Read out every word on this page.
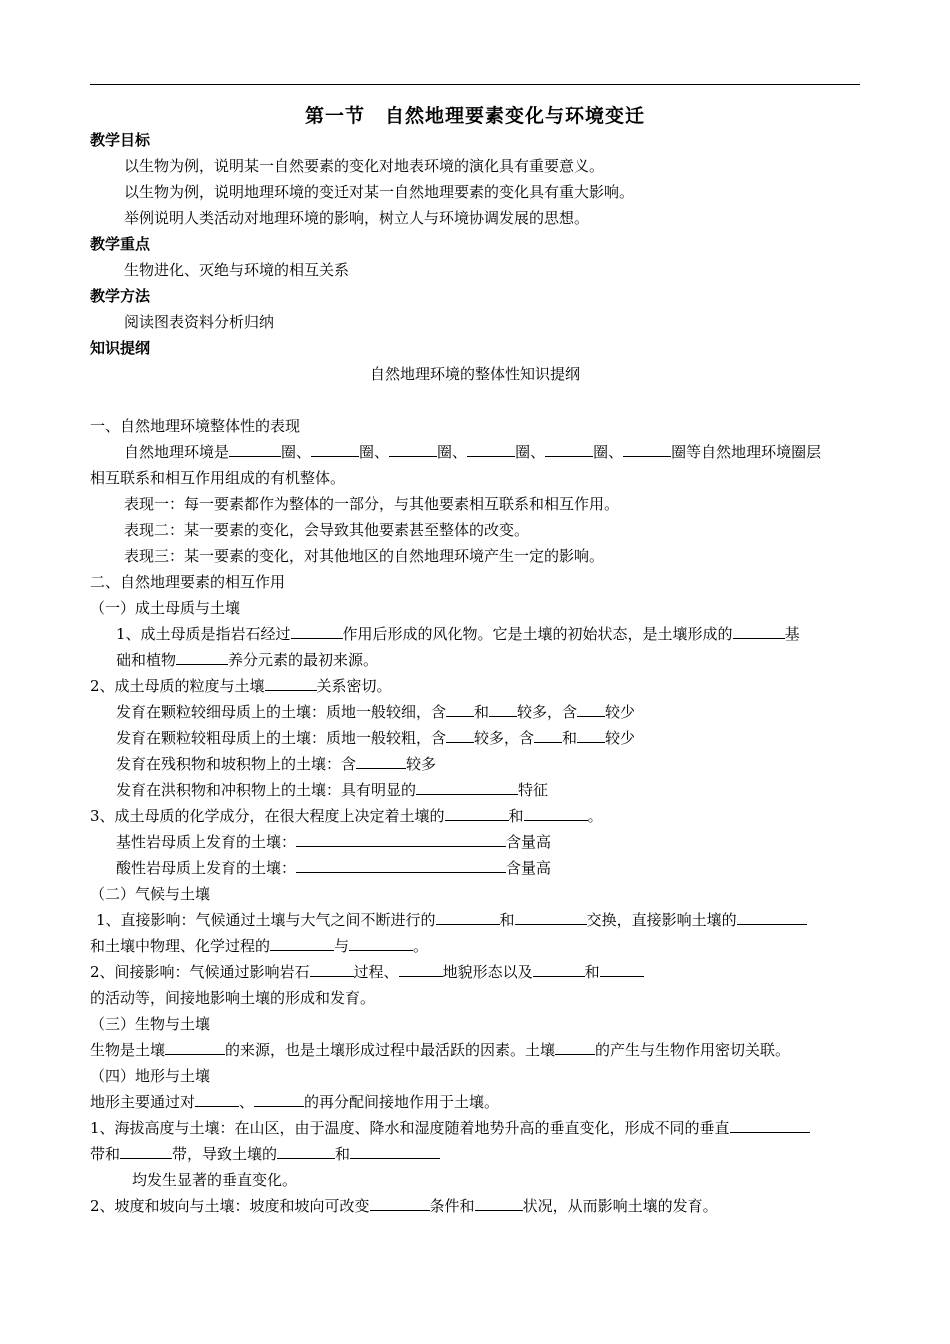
第一节　自然地理要素变化与环境变迁
教学目标
以生物为例，说明某一自然要素的变化对地表环境的演化具有重要意义。
以生物为例，说明地理环境的变迁对某一自然地理要素的变化具有重大影响。
举例说明人类活动对地理环境的影响，树立人与环境协调发展的思想。
教学重点
生物进化、灭绝与环境的相互关系
教学方法
阅读图表资料分析归纳
知识提纲
自然地理环境的整体性知识提纲
一、自然地理环境整体性的表现
自然地理环境是	圈、	圈、	圈、	圈、	圈、	圈等自然地理环境圈层
相互联系和相互作用组成的有机整体。
表现一：每一要素都作为整体的一部分，与其他要素相互联系和相互作用。
表现二：某一要素的变化，会导致其他要素甚至整体的改变。
表现三：某一要素的变化，对其他地区的自然地理环境产生一定的影响。
二、自然地理要素的相互作用
（一）成土母质与土壤
1、成土母质是指岩石经过	作用后形成的风化物。它是土壤的初始状态，是土壤形成的	基
础和植物	养分元素的最初来源。
2、成土母质的粒度与土壤	关系密切。
发育在颗粒较细母质上的土壤：质地一般较细，含 和 较多，含 较少
发育在颗粒较粗母质上的土壤：质地一般较粗，含 较多，含 和 较少
发育在残积物和坡积物上的土壤：含	较多
发育在洪积物和冲积物上的土壤：具有明显的	特征
3、成土母质的化学成分，在很大程度上决定着土壤的	和	。
基性岩母质上发育的土壤：	含量高
酸性岩母质上发育的土壤：	含量高
（二）气候与土壤
1、直接影响：气候通过土壤与大气之间不断进行的	和	交换，直接影响土壤的
和土壤中物理、化学过程的	与	。
2、间接影响：气候通过影响岩石	过程、	地貌形态以及	和
的活动等，间接地影响土壤的形成和发育。
（三）生物与土壤
生物是土壤	的来源，也是土壤形成过程中最活跃的因素。土壤	的产生与生物作用密切关联。
（四）地形与土壤
地形主要通过对	、	的再分配间接地作用于土壤。
1、海拔高度与土壤：在山区，由于温度、降水和湿度随着地势升高的垂直变化，形成不同的垂直
带和	带，导致土壤的	和
均发生显著的垂直变化。
2、坡度和坡向与土壤：坡度和坡向可改变	条件和	状况，从而影响土壤的发育。
